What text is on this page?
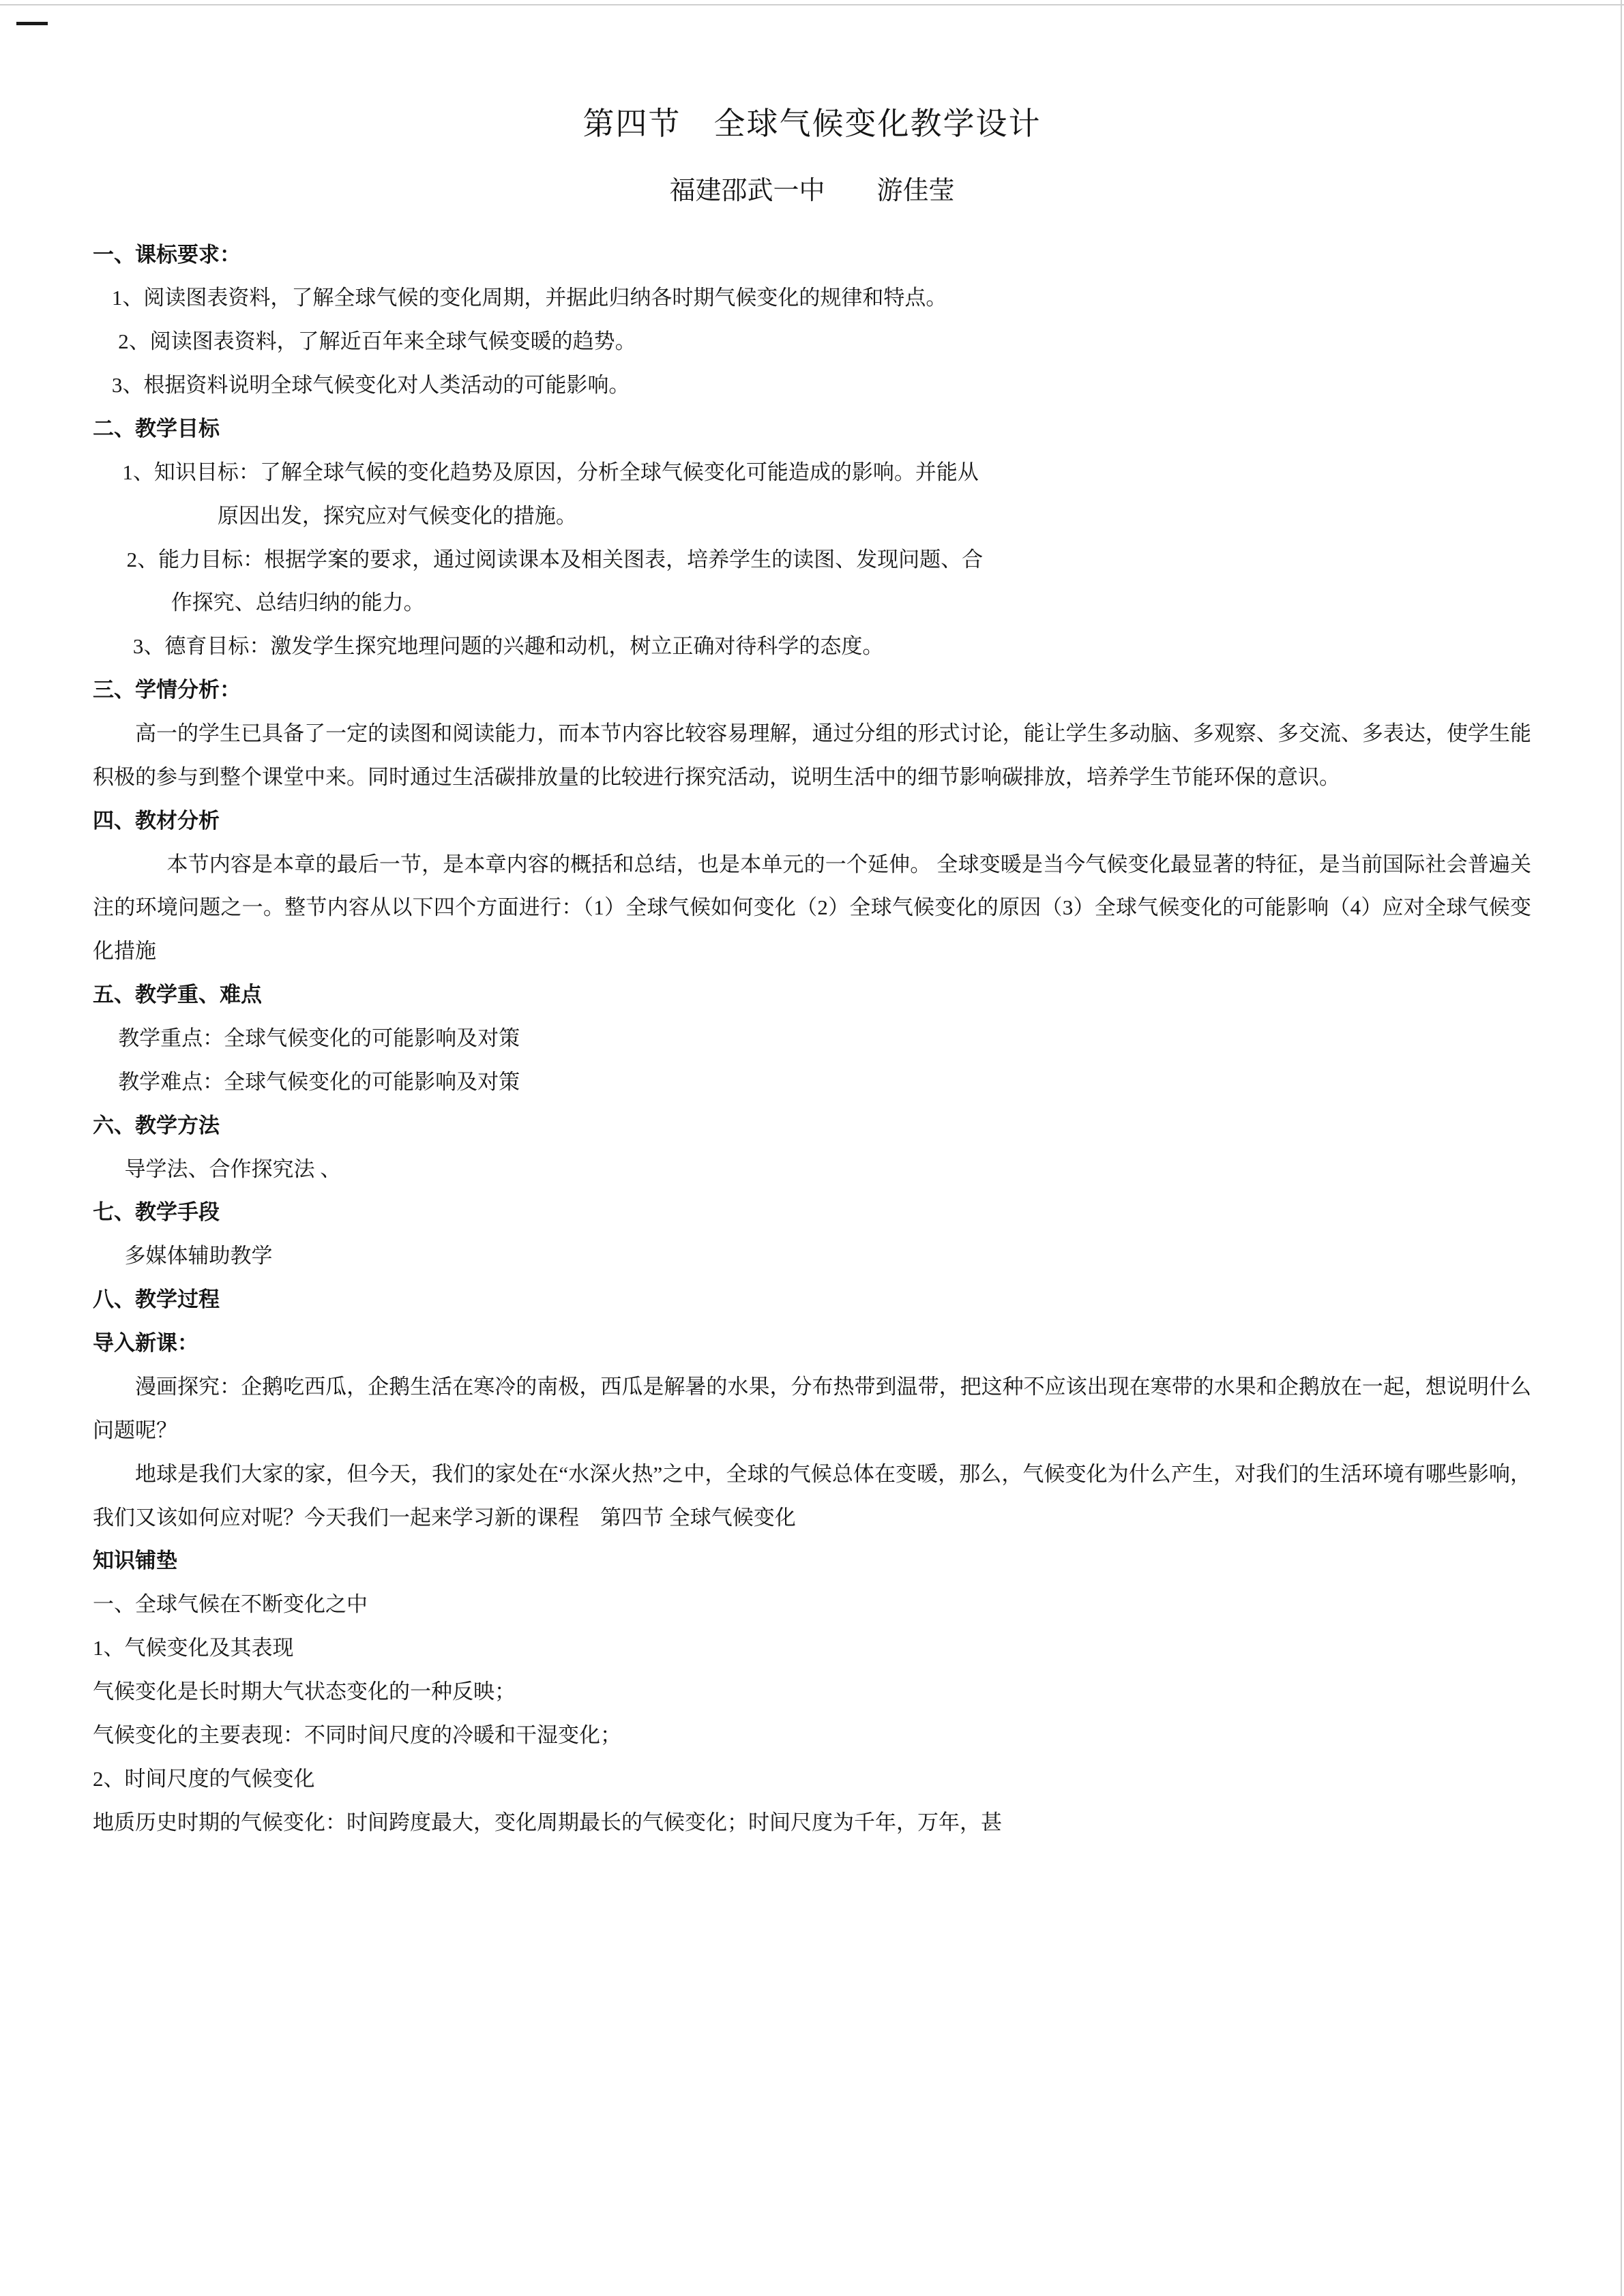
第四节　全球气候变化教学设计
福建邵武一中　　游佳莹
一、课标要求：
1、阅读图表资料，了解全球气候的变化周期，并据此归纳各时期气候变化的规律和特点。
2、阅读图表资料，了解近百年来全球气候变暖的趋势。
3、根据资料说明全球气候变化对人类活动的可能影响。
二、教学目标
1、知识目标：了解全球气候的变化趋势及原因，分析全球气候变化可能造成的影响。并能从
原因出发，探究应对气候变化的措施。
2、能力目标：根据学案的要求，通过阅读课本及相关图表，培养学生的读图、发现问题、合
作探究、总结归纳的能力。
3、德育目标：激发学生探究地理问题的兴趣和动机，树立正确对待科学的态度。
三、学情分析：
高一的学生已具备了一定的读图和阅读能力，而本节内容比较容易理解，通过分组的形式讨论，能让学生多动脑、多观察、多交流、多表达，使学生能积极的参与到整个课堂中来。同时通过生活碳排放量的比较进行探究活动，说明生活中的细节影响碳排放，培养学生节能环保的意识。
四、教材分析
本节内容是本章的最后一节，是本章内容的概括和总结，也是本单元的一个延伸。 全球变暖是当今气候变化最显著的特征，是当前国际社会普遍关注的环境问题之一。整节内容从以下四个方面进行：（1）全球气候如何变化（2）全球气候变化的原因（3）全球气候变化的可能影响（4）应对全球气候变化措施
五、教学重、难点
教学重点：全球气候变化的可能影响及对策
教学难点：全球气候变化的可能影响及对策
六、教学方法
导学法、合作探究法 、
七、教学手段
多媒体辅助教学
八、教学过程
导入新课：
漫画探究：企鹅吃西瓜，企鹅生活在寒冷的南极，西瓜是解暑的水果，分布热带到温带，把这种不应该出现在寒带的水果和企鹅放在一起，想说明什么问题呢？
地球是我们大家的家，但今天，我们的家处在“水深火热”之中，全球的气候总体在变暖，那么，气候变化为什么产生，对我们的生活环境有哪些影响，我们又该如何应对呢？今天我们一起来学习新的课程　第四节 全球气候变化
知识铺垫
一、全球气候在不断变化之中
1、气候变化及其表现
气候变化是长时期大气状态变化的一种反映；
气候变化的主要表现：不同时间尺度的冷暖和干湿变化；
2、时间尺度的气候变化
地质历史时期的气候变化：时间跨度最大，变化周期最长的气候变化；时间尺度为千年，万年，甚
